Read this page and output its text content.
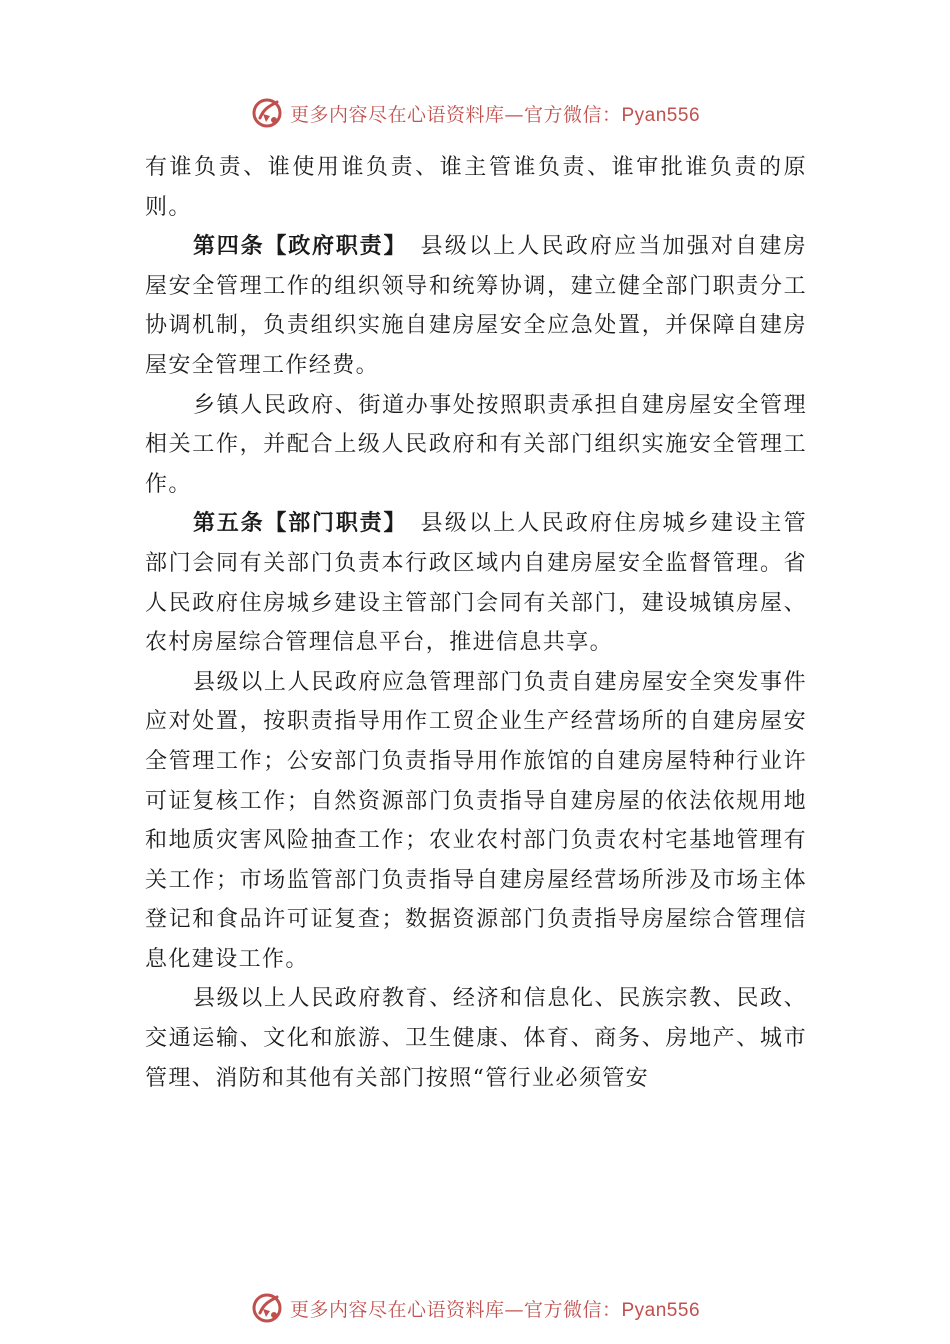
更多内容尽在心语资料库—官方微信：Pyan556

有谁负责、谁使用谁负责、谁主管谁负责、谁审批谁负责的原则。

第四条【政府职责】　 县级以上人民政府应当加强对自建房屋安全管理工作的组织领导和统筹协调，建立健全部门职责分工协调机制，负责组织实施自建房屋安全应急处置，并保障自建房屋安全管理工作经费。

乡镇人民政府、街道办事处按照职责承担自建房屋安全管理相关工作，并配合上级人民政府和有关部门组织实施安全管理工作。

第五条【部门职责】　 县级以上人民政府住房城乡建设主管部门会同有关部门负责本行政区域内自建房屋安全监督管理。省人民政府住房城乡建设主管部门会同有关部门，建设城镇房屋、农村房屋综合管理信息平台，推进信息共享。

县级以上人民政府应急管理部门负责自建房屋安全突发事件应对处置，按职责指导用作工贸企业生产经营场所的自建房屋安全管理工作；公安部门负责指导用作旅馆的自建房屋特种行业许可证复核工作；自然资源部门负责指导自建房屋的依法依规用地和地质灾害风险抽查工作；农业农村部门负责农村宅基地管理有关工作；市场监管部门负责指导自建房屋经营场所涉及市场主体登记和食品许可证复查；数据资源部门负责指导房屋综合管理信息化建设工作。

县级以上人民政府教育、经济和信息化、民族宗教、民政、交通运输、文化和旅游、卫生健康、体育、商务、房地产、城市管理、消防和其他有关部门按照“管行业必须管安

更多内容尽在心语资料库—官方微信：Pyan556
